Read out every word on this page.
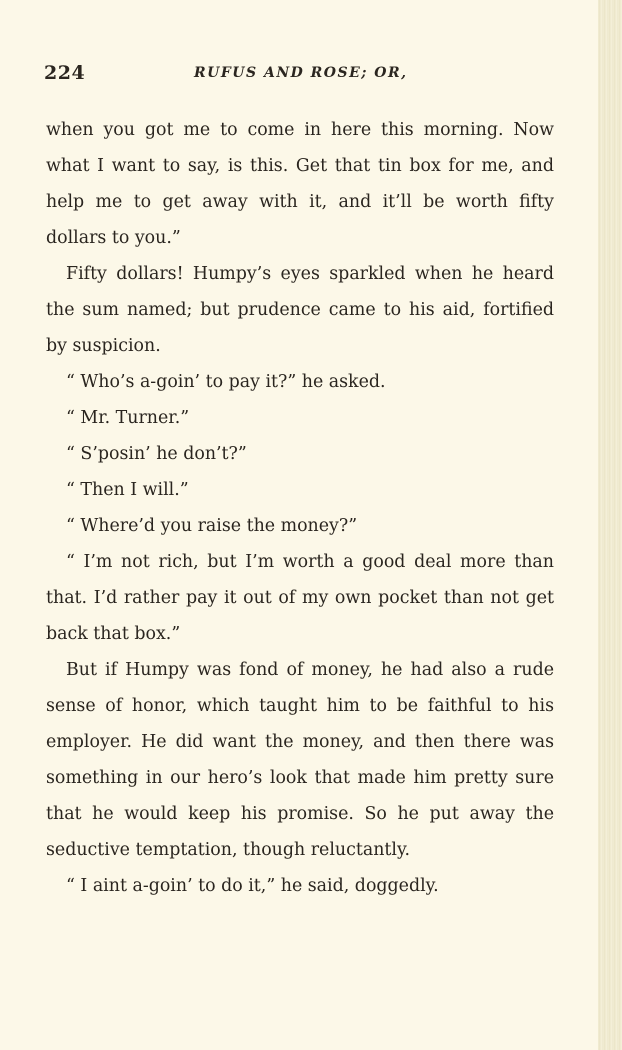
224	RUFUS AND ROSE; OR,

when you got me to come in here this morning. Now what I want to say, is this. Get that tin box for me, and help me to get away with it, and it’ll be worth fifty dollars to you.”

Fifty dollars! Humpy’s eyes sparkled when he heard the sum named; but prudence came to his aid, fortified by suspicion.

“ Who’s a-goin’ to pay it?” he asked.

“ Mr. Turner.”

“ S’posin’ he don’t?”

“ Then I will.”

“ Where’d you raise the money?”

“ I’m not rich, but I’m worth a good deal more than that. I’d rather pay it out of my own pocket than not get back that box.”

But if Humpy was fond of money, he had also a rude sense of honor, which taught him to be faithful to his employer. He did want the money, and then there was something in our hero’s look that made him pretty sure that he would keep his promise. So he put away the seductive temptation, though reluctantly.

“ I aint a-goin’ to do it,” he said, doggedly.
